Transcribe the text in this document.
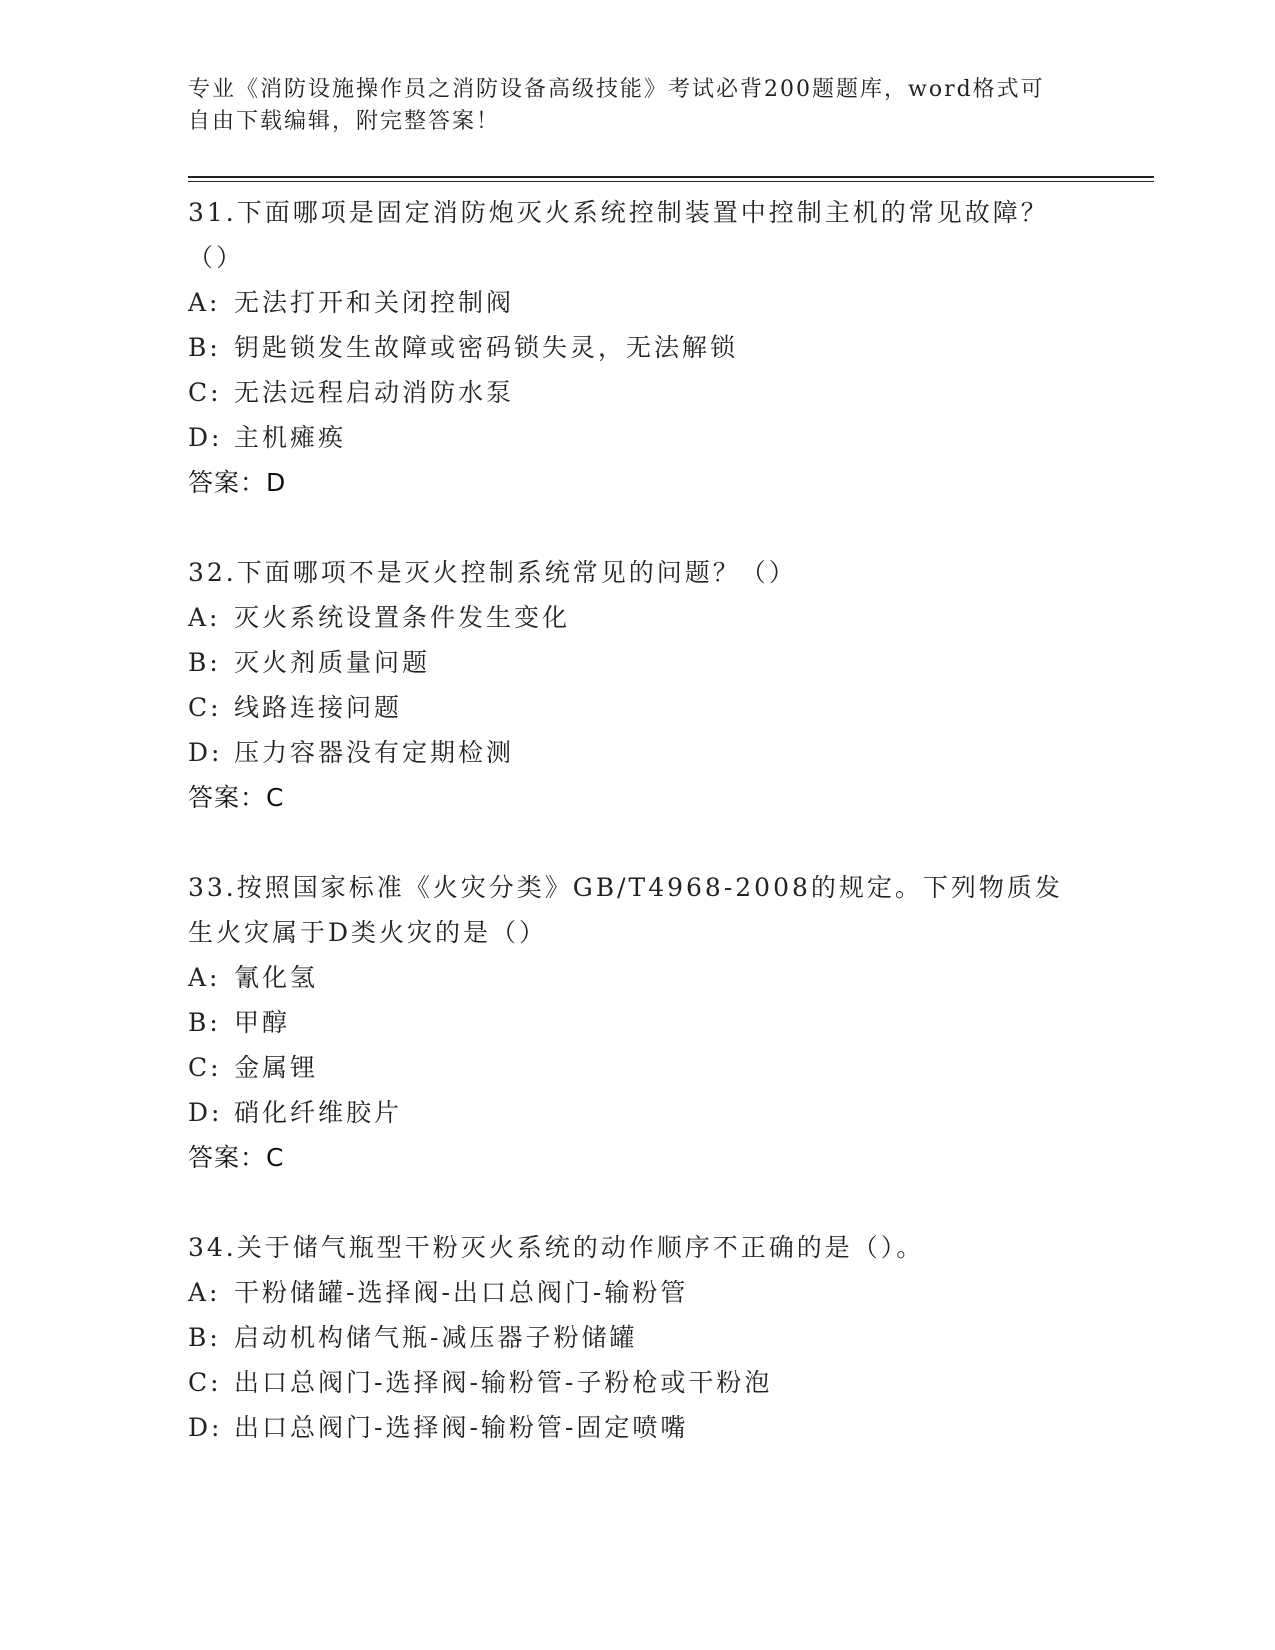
专业《消防设施操作员之消防设备高级技能》考试必背200题题库，word格式可自由下载编辑，附完整答案！
31.下面哪项是固定消防炮灭火系统控制装置中控制主机的常见故障？（）
A: 无法打开和关闭控制阀
B: 钥匙锁发生故障或密码锁失灵，无法解锁
C: 无法远程启动消防水泵
D: 主机瘫痪
答案：D
32.下面哪项不是灭火控制系统常见的问题？（）
A: 灭火系统设置条件发生变化
B: 灭火剂质量问题
C: 线路连接问题
D: 压力容器没有定期检测
答案：C
33.按照国家标准《火灾分类》GB/T4968-2008的规定。下列物质发生火灾属于D类火灾的是（）
A: 氰化氢
B: 甲醇
C: 金属锂
D: 硝化纤维胶片
答案：C
34.关于储气瓶型干粉灭火系统的动作顺序不正确的是（）。
A: 干粉储罐-选择阀-出口总阀门-输粉管
B: 启动机构储气瓶-减压器子粉储罐
C: 出口总阀门-选择阀-输粉管-子粉枪或干粉泡
D: 出口总阀门-选择阀-输粉管-固定喷嘴
